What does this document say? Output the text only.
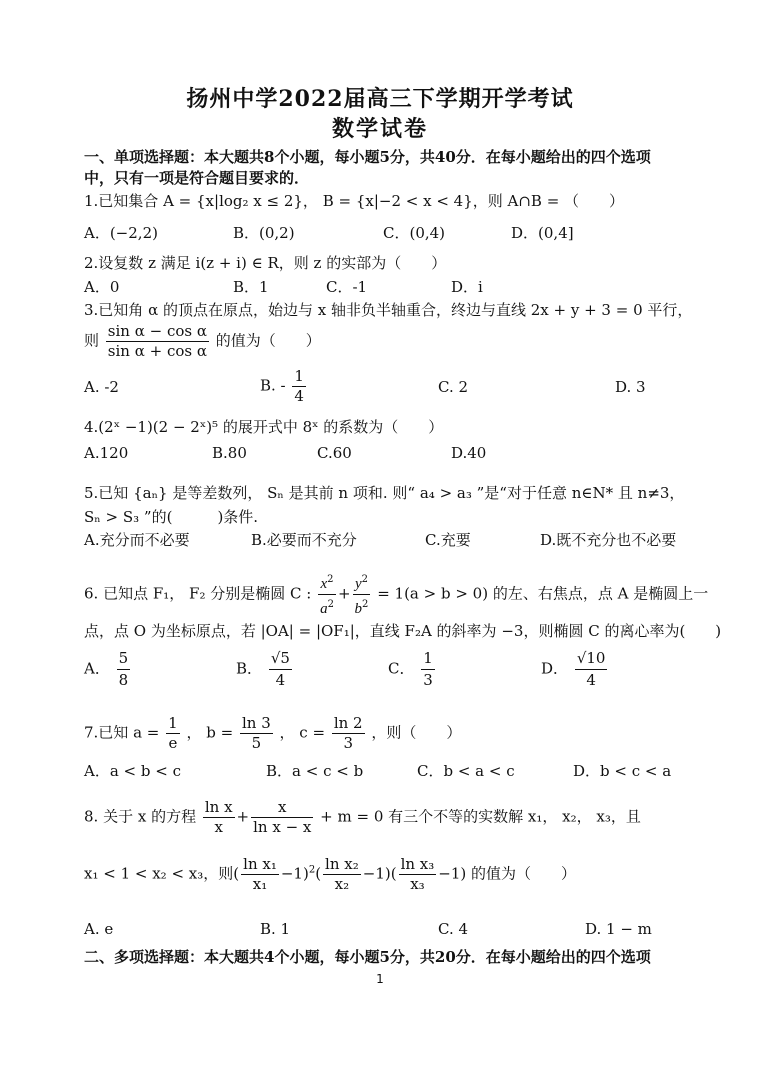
扬州中学2022届高三下学期开学考试
数学试卷
一、单项选择题：本大题共8个小题，每小题5分，共40分．在每小题给出的四个选项
中，只有一项是符合题目要求的．
1.已知集合 A = {x|log₂ x ≤ 2}， B = {x|−2 < x < 4}，则 A∩B = （　　）
A．(−2,2)	B．(0,2)	C．(0,4)	D．(0,4]
2.设复数 z 满足 i(z + i) ∈ R，则 z 的实部为（　　）
A．0	B．1	C．-1	D．i
3.已知角 α 的顶点在原点，始边与 x 轴非负半轴重合，终边与直线 2x + y + 3 = 0 平行，
则 $\frac{\text{sin α − cos α}}{\text{sin α + cos α}}$ 的值为（　　）
A. -2	B. - $\frac{1}{4}$	C. 2	D. 3
4.(2ˣ −1)(2 − 2ˣ)⁵ 的展开式中 8ˣ 的系数为（　　）
A.120	B.80	C.60	D.40
5.已知 {aₙ} 是等差数列， Sₙ 是其前 n 项和. 则“ a₄ > a₃ ”是“对于任意 n∈N* 且 n≠3，
Sₙ > S₃ ”的(　　　)条件.
A.充分而不必要	B.必要而不充分	C.充要	D.既不充分也不必要
6. 已知点 F₁， F₂ 分别是椭圆 C : $\frac{x^2}{a^2} + \frac{y^2}{b^2} = 1(a > b > 0)$ 的左、右焦点，点 A 是椭圆上一
点，点 O 为坐标原点，若 |OA| = |OF₁|，直线 F₂A 的斜率为 −3，则椭圆 C 的离心率为(　　)
A． $\frac{5}{8}$	B． $\frac{√5}{4}$	C． $\frac{1}{3}$	D． $\frac{√10}{4}$
7.已知 $a = \frac{1}{e}$ ， $b = \frac{\ln 3}{5}$ ， $c = \frac{\ln 2}{3}$ ，则（　　）
A．a < b < c	B．a < c < b	C．b < a < c	D．b < c < a
8. 关于 x 的方程 $\frac{\text{ln x}}{x} + \frac{x}{\text{ln x − x}} + m = 0$ 有三个不等的实数解 x₁， x₂， x₃，且
x₁ < 1 < x₂ < x₃，则( $\frac{\text{ln x₁}}{\text{x₁}} -1)^2( \frac{\text{ln x₂}}{\text{x₂}} -1)( \frac{\text{ln x₃}}{\text{x₃}} -1)$ 的值为（　　）
A. e	B. 1	C. 4	D. 1 − m
二、多项选择题：本大题共4个小题，每小题5分，共20分．在每小题给出的四个选项
1
